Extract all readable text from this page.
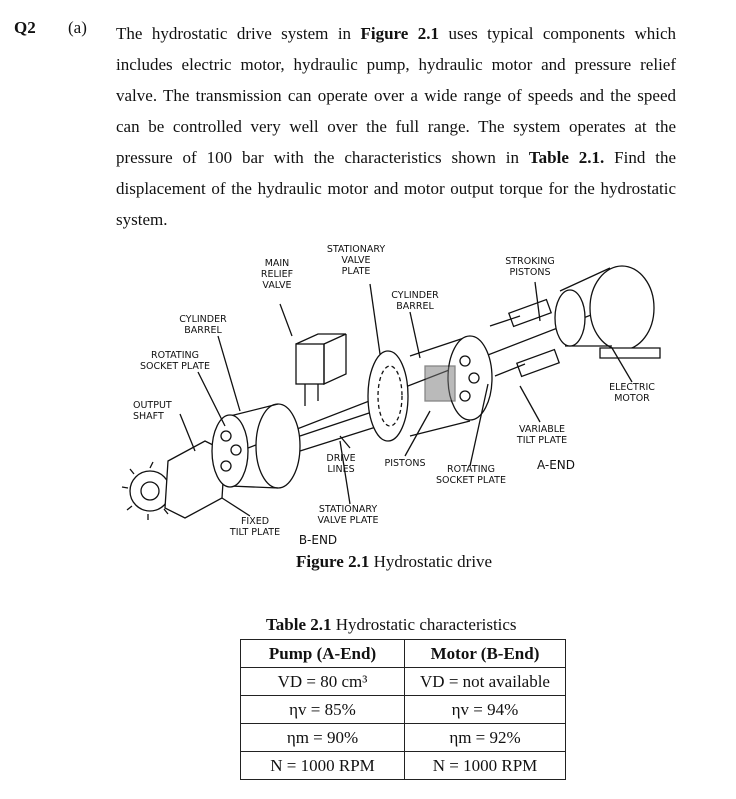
Q2 (a) The hydrostatic drive system in Figure 2.1 uses typical components which includes electric motor, hydraulic pump, hydraulic motor and pressure relief valve. The transmission can operate over a wide range of speeds and the speed can be controlled very well over the full range. The system operates at the pressure of 100 bar with the characteristics shown in Table 2.1. Find the displacement of the hydraulic motor and motor output torque for the hydrostatic system.

STATIONARY
VALVE
PLATE
MAIN
RELIEF
VALVE
STROKING
PISTONS
CYLINDER
BARREL
CYLINDER
BARREL
ROTATING
SOCKET PLATE
OUTPUT
SHAFT
ELECTRIC
MOTOR
VARIABLE
TILT PLATE
A-END
DRIVE
LINES
PISTONS
ROTATING
SOCKET PLATE
STATIONARY
VALVE PLATE
FIXED
TILT PLATE
B-END
Figure 2.1 Hydrostatic drive
Table 2.1 Hydrostatic characteristics
Pump (A-End)	Motor (B-End)
VD = 80 cm³	VD = not available
ηv = 85%	ηv = 94%
ηm = 90%	ηm = 92%
N = 1000 RPM	N = 1000 RPM
